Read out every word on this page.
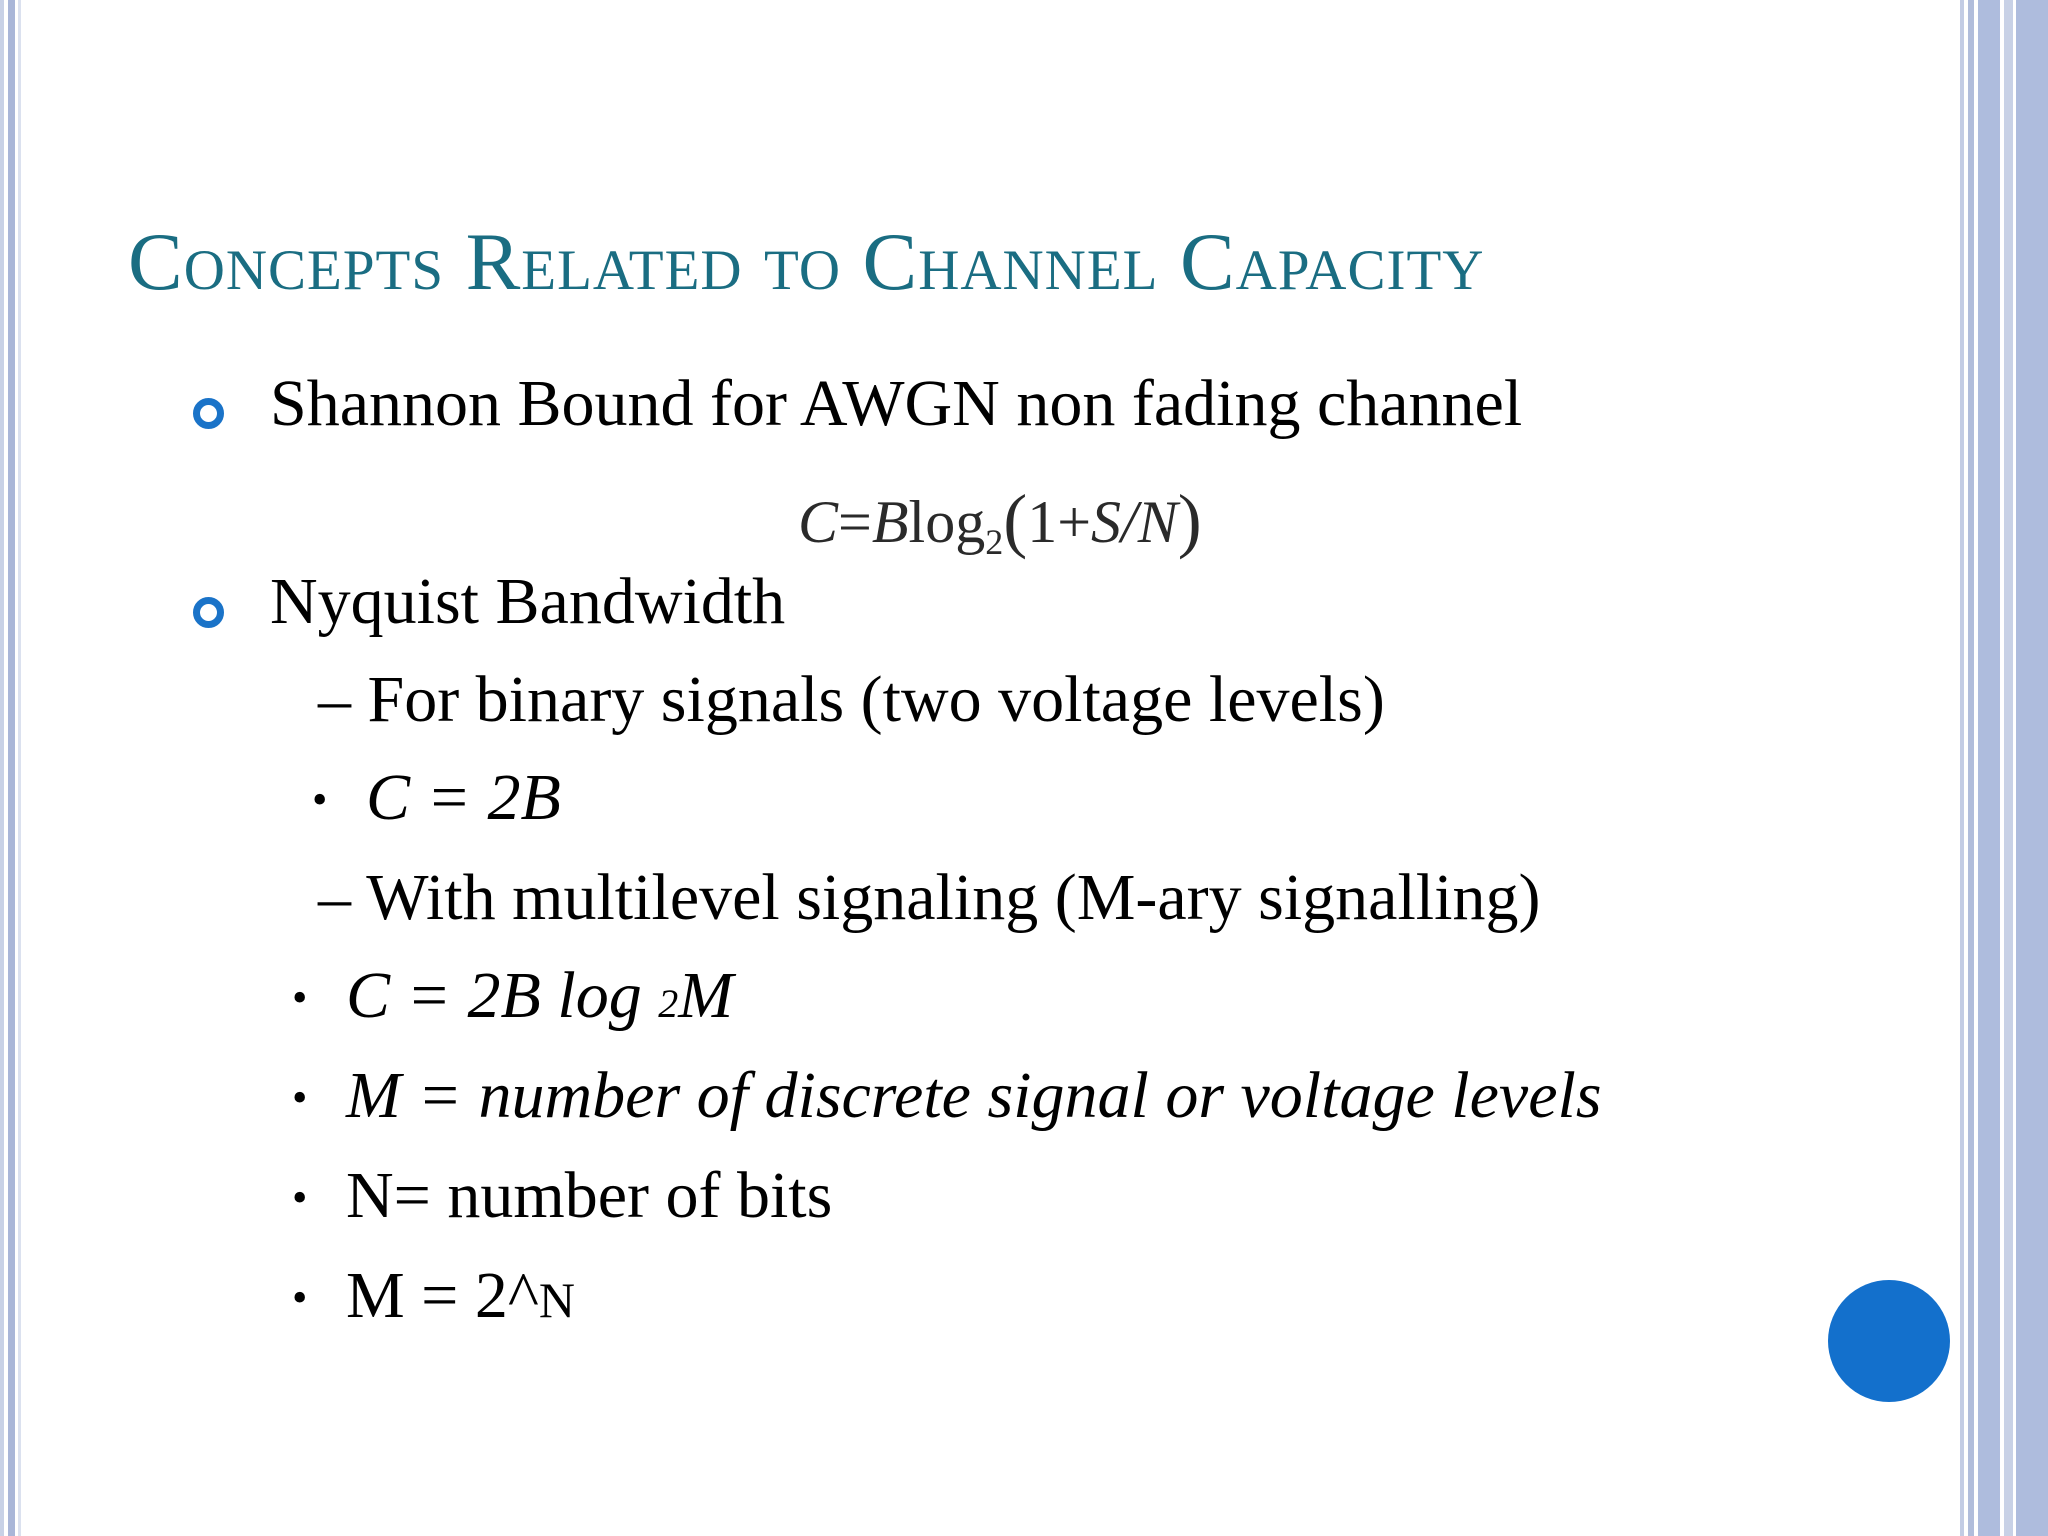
Concepts Related to Channel Capacity
Shannon Bound for AWGN non fading channel
C=Blog$_2$(1+S/N)
Nyquist Bandwidth
– For binary signals (two voltage levels)
• C = 2B
– With multilevel signaling (M-ary signalling)
• C = 2B log 2M
• M = number of discrete signal or voltage levels
• N= number of bits
• M = 2^N
